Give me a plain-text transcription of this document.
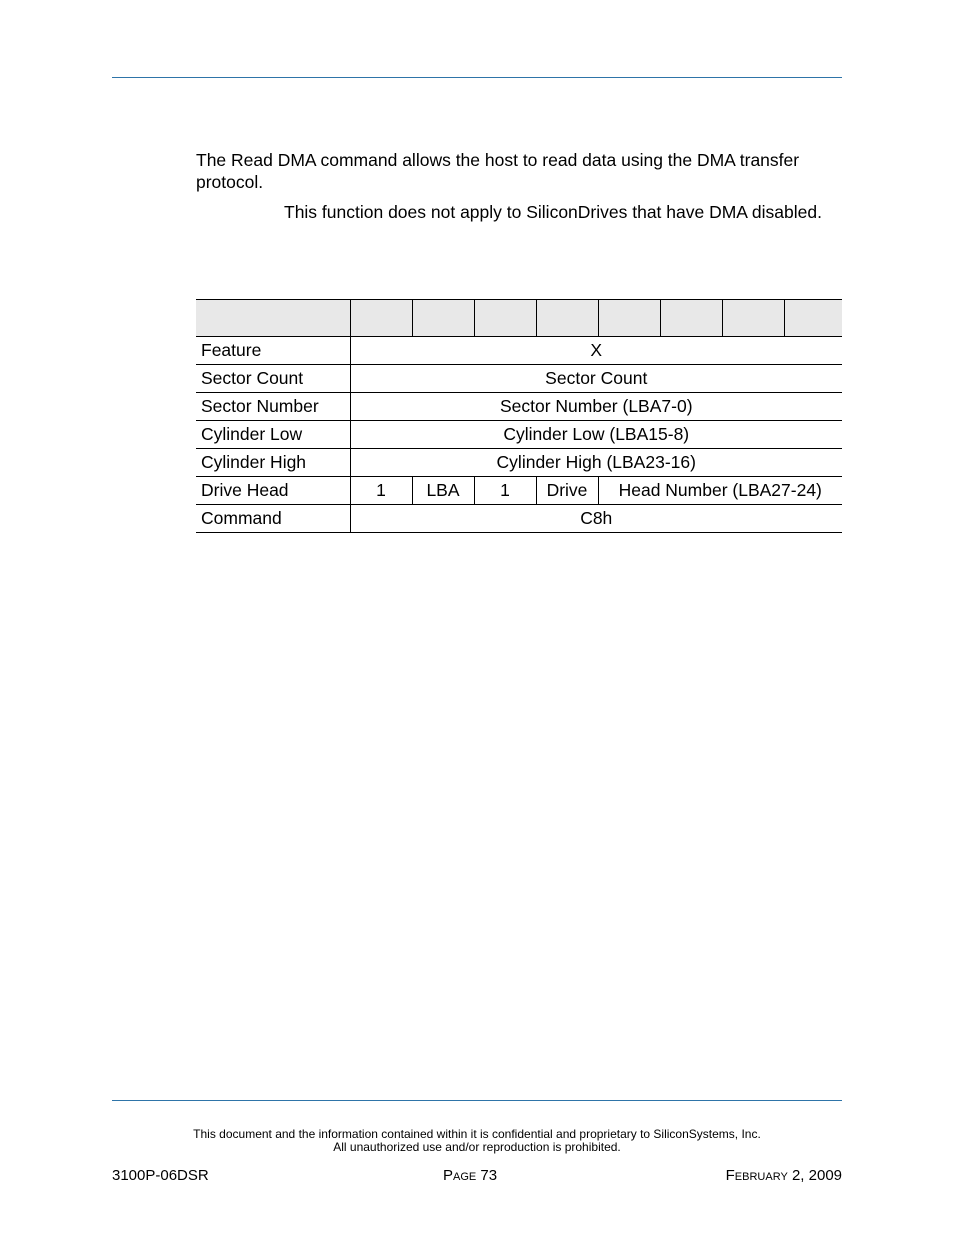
The Read DMA command allows the host to read data using the DMA transfer protocol.
This function does not apply to SiliconDrives that have DMA disabled.

Feature	X							
Sector Count	Sector Count							
Sector Number	Sector Number (LBA7-0)							
Cylinder Low	Cylinder Low (LBA15-8)							
Cylinder High	Cylinder High (LBA23-16)							
Drive Head	1	LBA	1	Drive	Head Number (LBA27-24)			
Command	C8h							
This document and the information contained within it is confidential and proprietary to SiliconSystems, Inc.
All unauthorized use and/or reproduction is prohibited.
3100P-06DSR	Page 73	February 2, 2009
